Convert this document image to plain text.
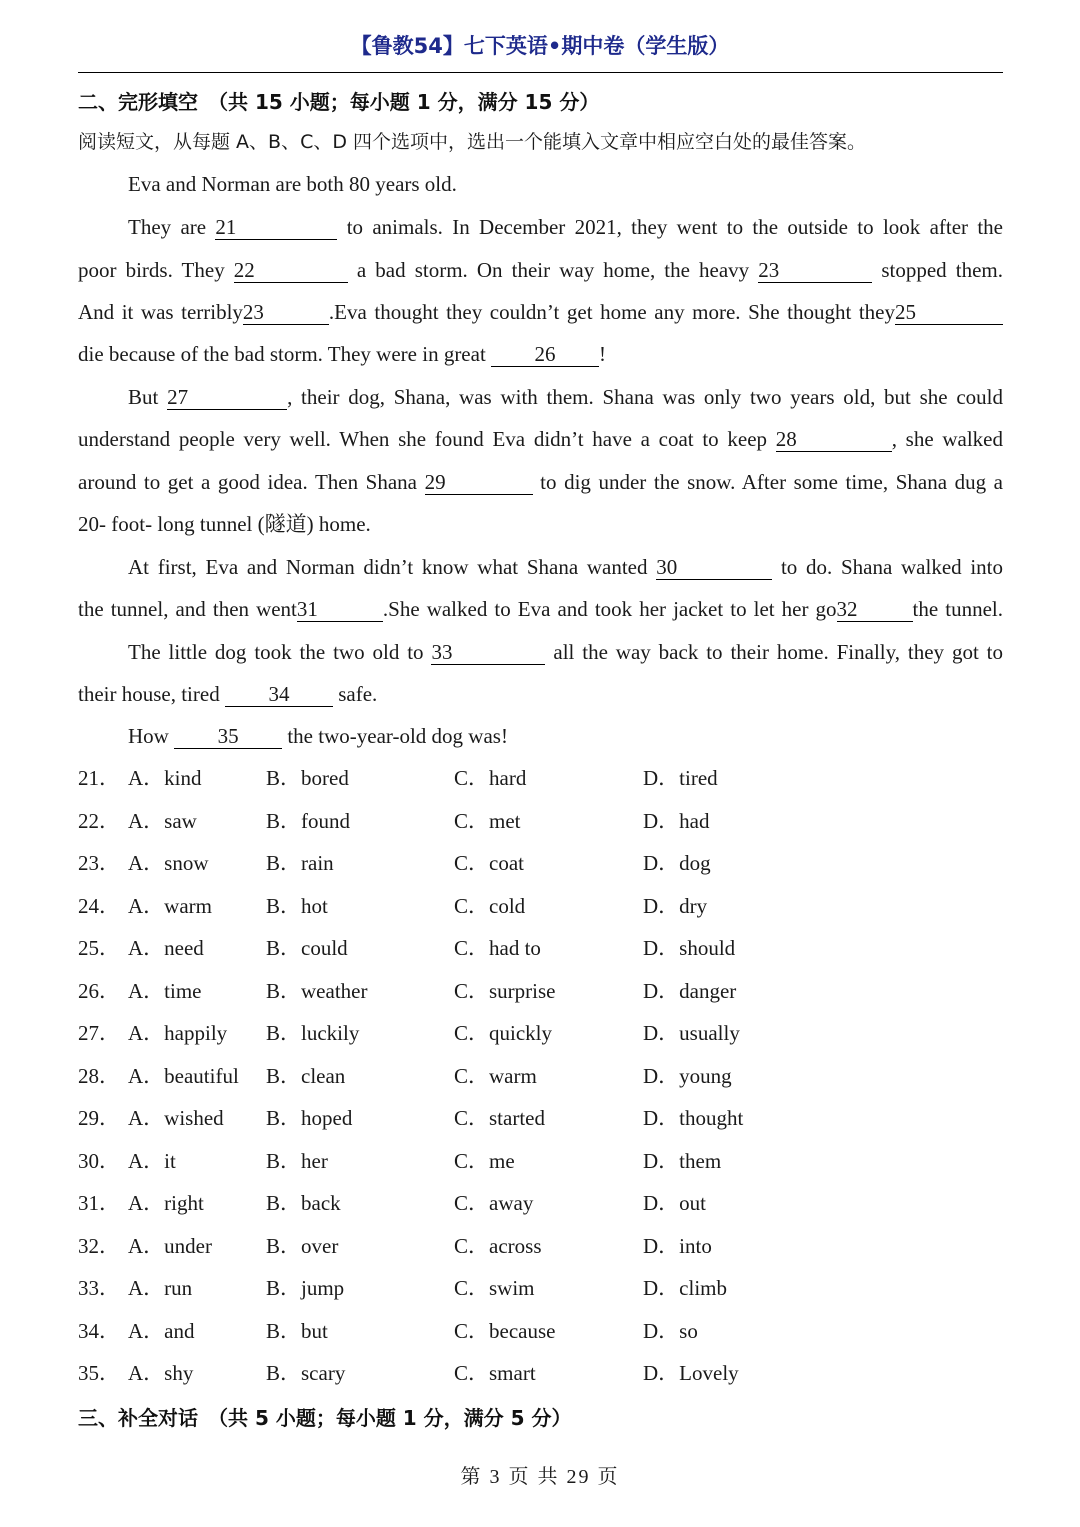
【鲁教54】七下英语•期中卷（学生版）
二、完形填空　（共 15 小题；每小题 1 分，满分 15 分）
阅读短文，从每题 A、B、C、D 四个选项中，选出一个能填入文章中相应空白处的最佳答案。
Eva and Norman are both 80 years old.
They are 21	to animals. In December 2021, they went to the outside to look after the
poor birds. They 22	a bad storm. On their way home, the heavy 23	stopped them.
And it was terribly23	.Eva thought they couldn’t get home any more. She thought they25
die because of the bad storm. They were in great 26 !
But 27	, their dog, Shana, was with them. Shana was only two years old, but she could
understand people very well. When she found Eva didn’t have a coat to keep 28	, she walked
around to get a good idea. Then Shana 29	to dig under the snow. After some time, Shana dug a
20- foot- long tunnel (隧道) home.
At first, Eva and Norman didn’t know what Shana wanted 30	to do. Shana walked into
the tunnel, and then went31	.She walked to Eva and took her jacket to let her go32	the tunnel.
The little dog took the two old to 33	all the way back to their home. Finally, they got to
their house, tired 34 safe.
How 35 the two-year-old dog was!
21． A．kind	B．bored	C．hard	D．tired
22． A．saw	B．found	C．met	D．had
23． A．snow	B．rain	C．coat	D．dog
24． A．warm	B．hot	C．cold	D．dry
25． A．need	B．could	C．had to	D．should
26． A．time	B．weather	C．surprise	D．danger
27． A．happily B．luckily	C．quickly	D．usually
28． A．beautiful B．clean	C．warm	D．young
29． A．wished B．hoped	C．started	D．thought
30． A．it	B．her	C．me	D．them
31． A．right	B．back	C．away	D．out
32． A．under	B．over	C．across	D．into
33． A．run	B．jump	C．swim	D．climb
34． A．and	B．but	C．because	D．so
35． A．shy	B．scary	C．smart	D．Lovely
三、补全对话　（共 5 小题；每小题 1 分，满分 5 分）
第 3 页 共 29 页
